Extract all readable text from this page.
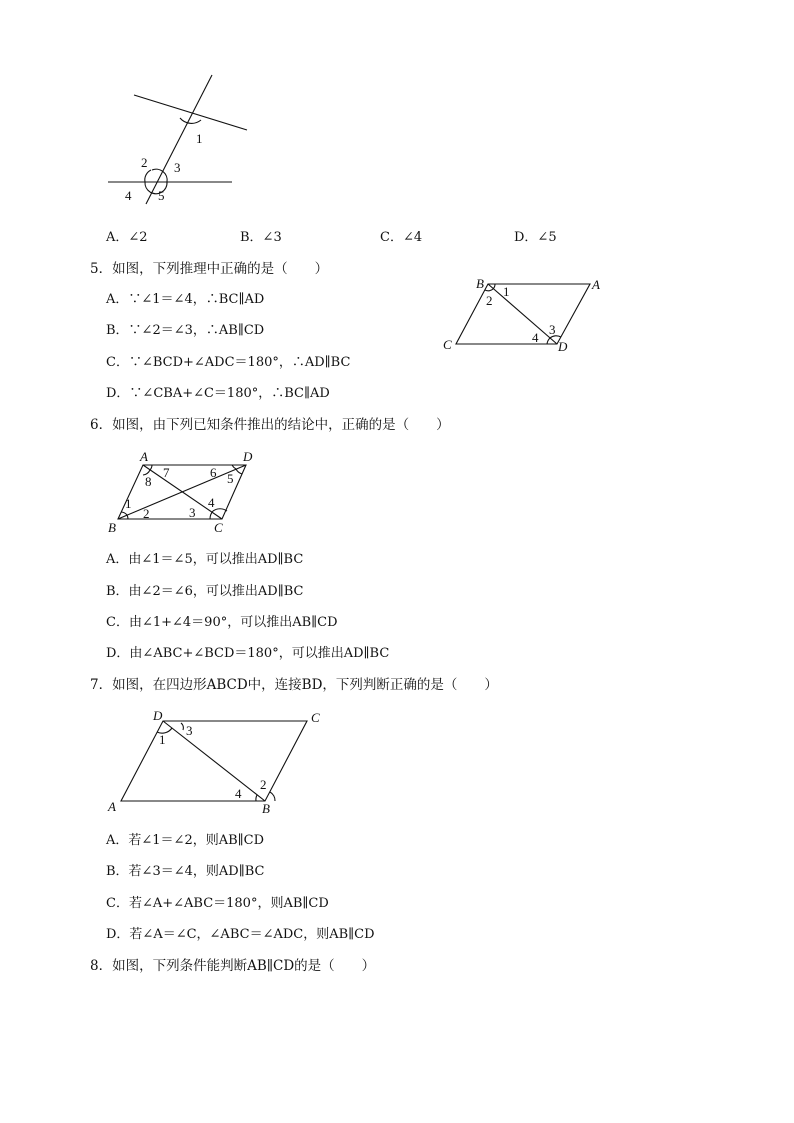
1
2 3
4 5
A．∠2	B．∠3	C．∠4	D．∠5
5．如图，下列推理中正确的是（　　）
A．∵∠1＝∠4，∴BC∥AD
B．∵∠2＝∠3，∴AB∥CD
C．∵∠BCD+∠ADC＝180°，∴AD∥BC
D．∵∠CBA+∠C＝180°，∴BC∥AD
B	A
C	D
1
2
3
4
6．如图，由下列已知条件推出的结论中，正确的是（　　）
A	D
B	C
1
2	3
4
5
6
7
8
A．由∠1＝∠5，可以推出AD∥BC
B．由∠2＝∠6，可以推出AD∥BC
C．由∠1+∠4＝90°，可以推出AB∥CD
D．由∠ABC+∠BCD＝180°，可以推出AD∥BC
7．如图，在四边形ABCD中，连接BD，下列判断正确的是（　　）
D	C
A	B
1
2
3
4
A．若∠1＝∠2，则AB∥CD
B．若∠3＝∠4，则AD∥BC
C．若∠A+∠ABC＝180°，则AB∥CD
D．若∠A＝∠C，∠ABC＝∠ADC，则AB∥CD
8．如图，下列条件能判断AB∥CD的是（　　）
